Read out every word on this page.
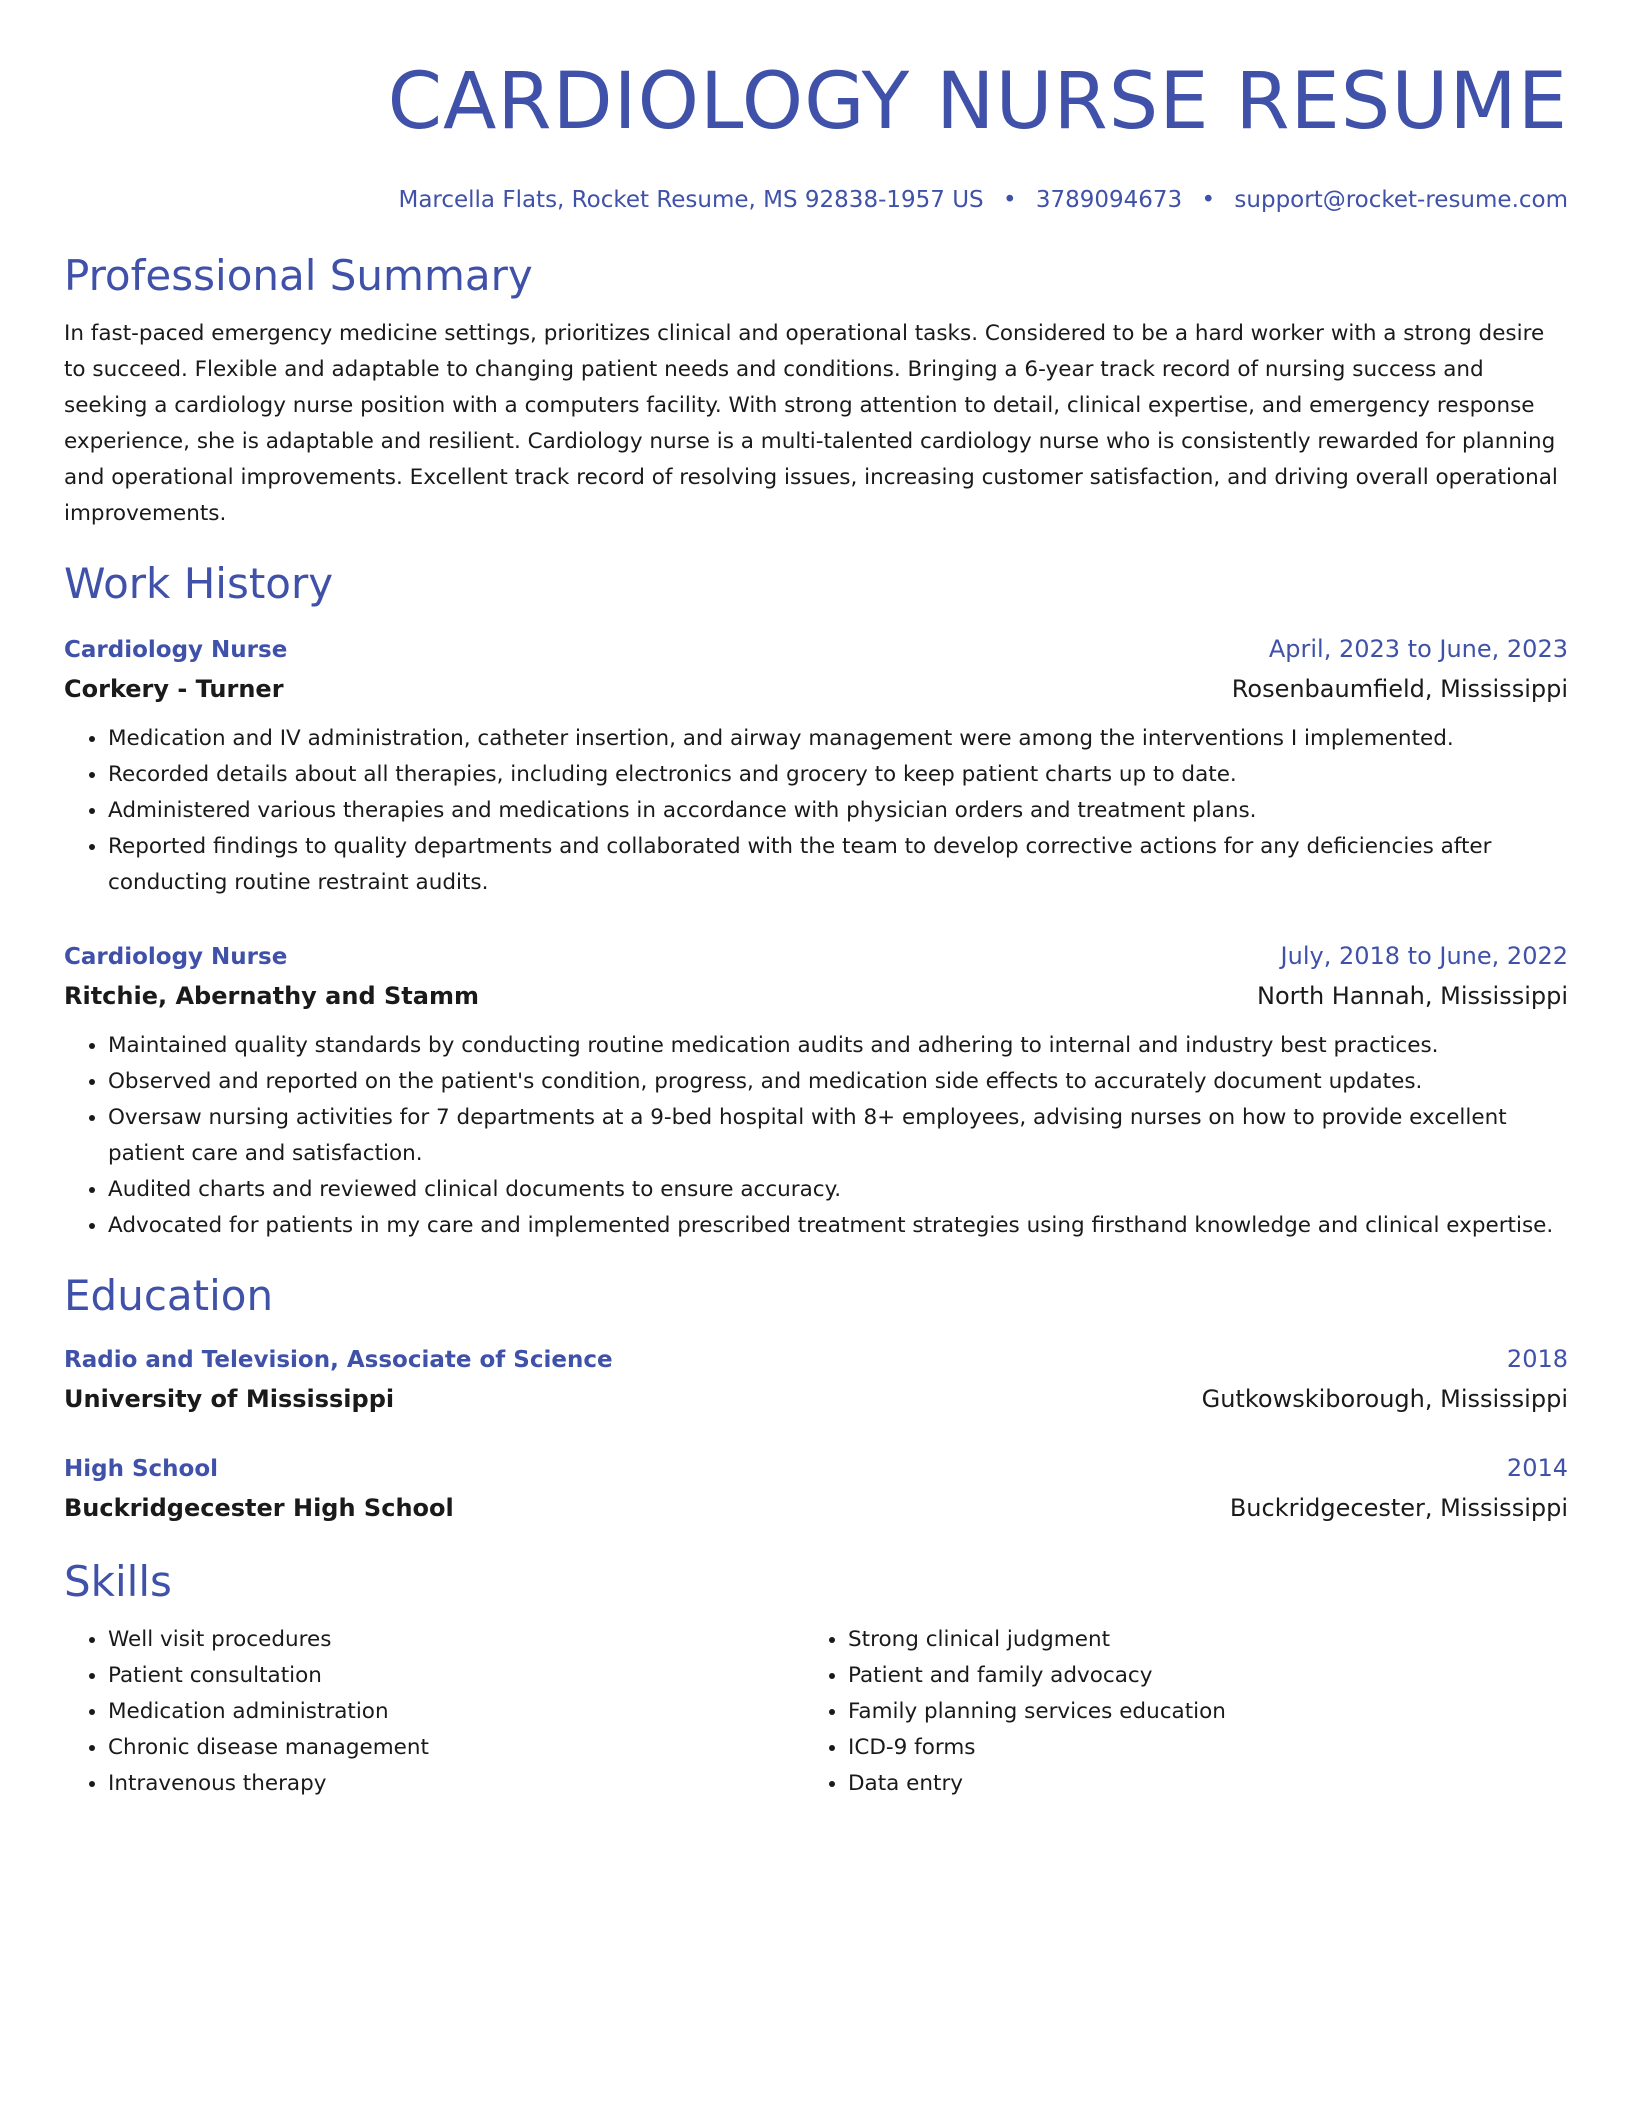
CARDIOLOGY NURSE RESUME
Marcella Flats, Rocket Resume, MS 92838-1957 US • 3789094673 • support@rocket-resume.com
Professional Summary
In fast-paced emergency medicine settings, prioritizes clinical and operational tasks. Considered to be a hard worker with a strong desire to succeed. Flexible and adaptable to changing patient needs and conditions. Bringing a 6-year track record of nursing success and seeking a cardiology nurse position with a computers facility. With strong attention to detail, clinical expertise, and emergency response experience, she is adaptable and resilient. Cardiology nurse is a multi-talented cardiology nurse who is consistently rewarded for planning and operational improvements. Excellent track record of resolving issues, increasing customer satisfaction, and driving overall operational improvements.
Work History
Cardiology Nurse	April, 2023 to June, 2023
Corkery - Turner	Rosenbaumfield, Mississippi
• Medication and IV administration, catheter insertion, and airway management were among the interventions I implemented.
• Recorded details about all therapies, including electronics and grocery to keep patient charts up to date.
• Administered various therapies and medications in accordance with physician orders and treatment plans.
• Reported findings to quality departments and collaborated with the team to develop corrective actions for any deficiencies after conducting routine restraint audits.
Cardiology Nurse	July, 2018 to June, 2022
Ritchie, Abernathy and Stamm	North Hannah, Mississippi
• Maintained quality standards by conducting routine medication audits and adhering to internal and industry best practices.
• Observed and reported on the patient's condition, progress, and medication side effects to accurately document updates.
• Oversaw nursing activities for 7 departments at a 9-bed hospital with 8+ employees, advising nurses on how to provide excellent patient care and satisfaction.
• Audited charts and reviewed clinical documents to ensure accuracy.
• Advocated for patients in my care and implemented prescribed treatment strategies using firsthand knowledge and clinical expertise.
Education
Radio and Television, Associate of Science	2018
University of Mississippi	Gutkowskiborough, Mississippi
High School	2014
Buckridgecester High School	Buckridgecester, Mississippi
Skills
• Well visit procedures
• Patient consultation
• Medication administration
• Chronic disease management
• Intravenous therapy
• Strong clinical judgment
• Patient and family advocacy
• Family planning services education
• ICD-9 forms
• Data entry
